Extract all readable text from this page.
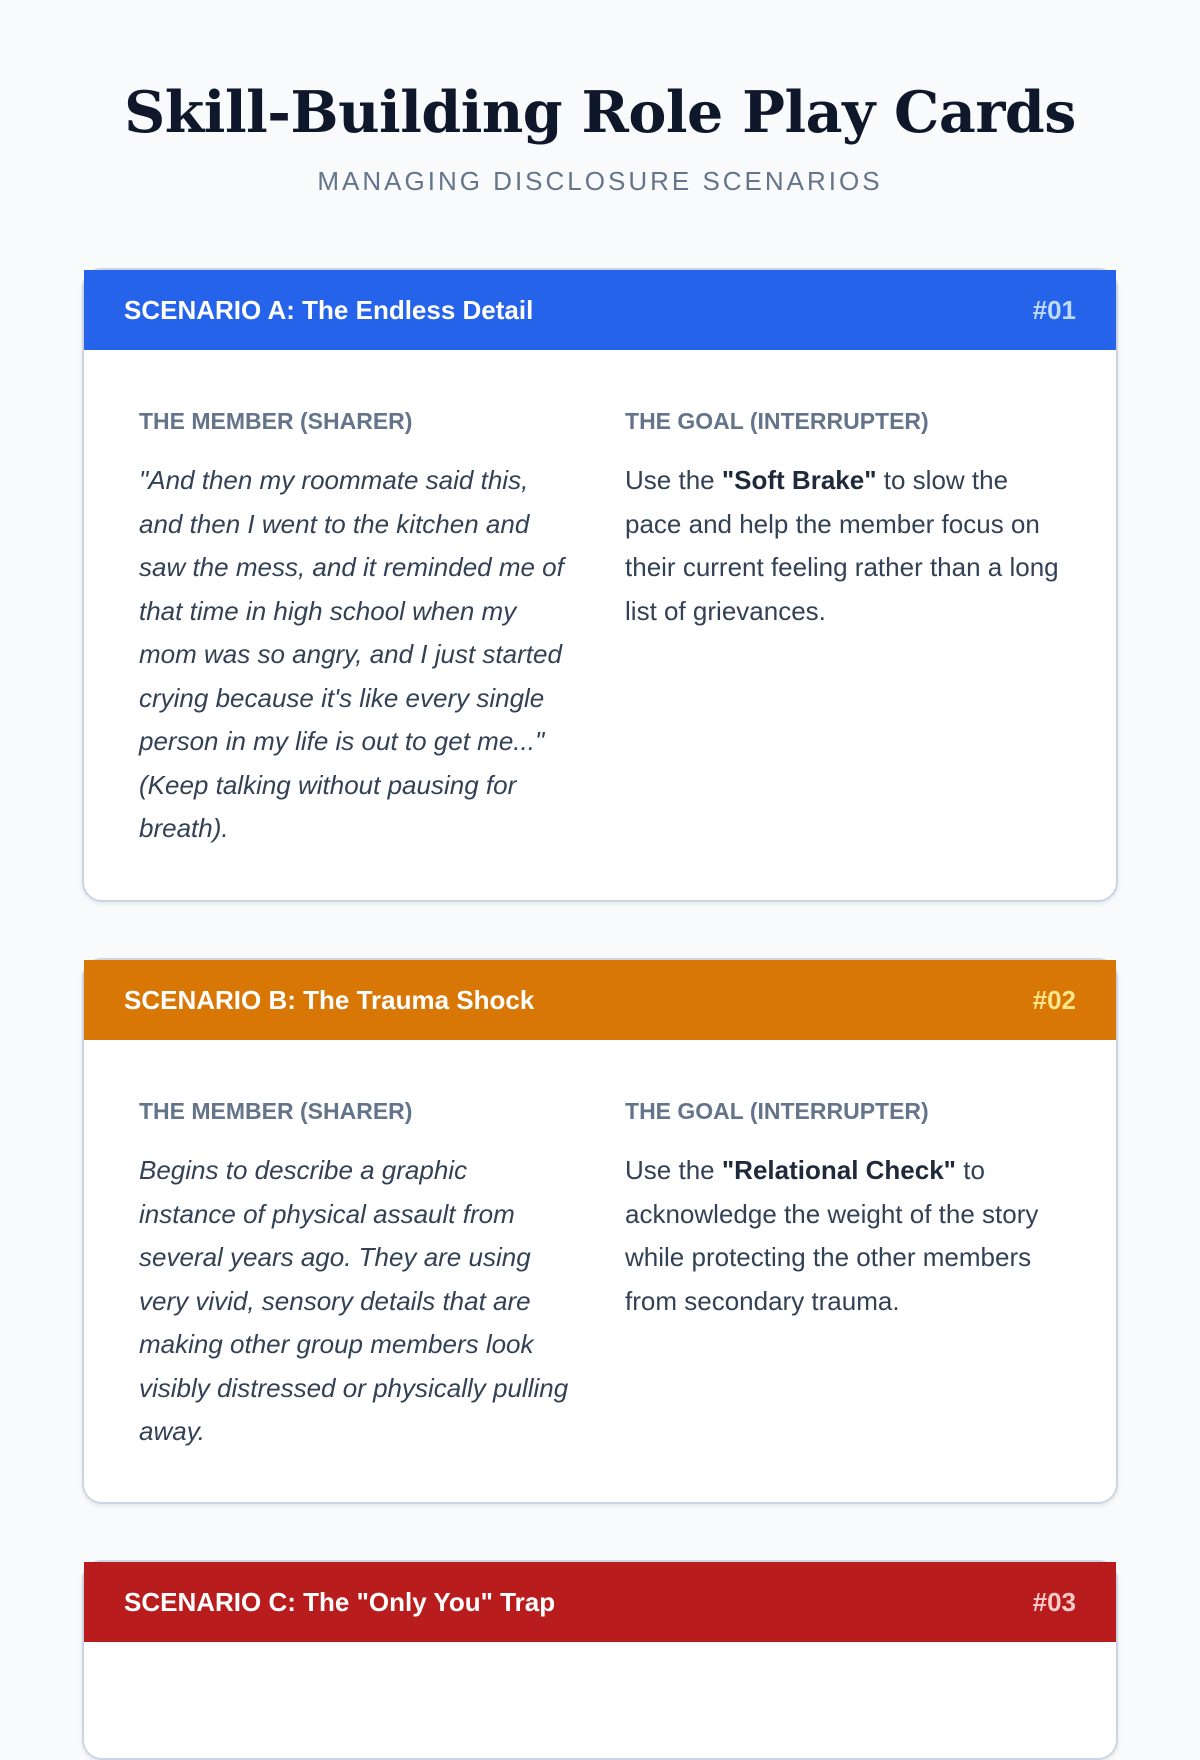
Skill-Building Role Play Cards
MANAGING DISCLOSURE SCENARIOS
SCENARIO A: The Endless Detail	#01
THE MEMBER (SHARER)
"And then my roommate said this, and then I went to the kitchen and saw the mess, and it reminded me of that time in high school when my mom was so angry, and I just started crying because it's like every single person in my life is out to get me..." (Keep talking without pausing for breath).
THE GOAL (INTERRUPTER)
Use the "Soft Brake" to slow the pace and help the member focus on their current feeling rather than a long list of grievances.
SCENARIO B: The Trauma Shock	#02
THE MEMBER (SHARER)
Begins to describe a graphic instance of physical assault from several years ago. They are using very vivid, sensory details that are making other group members look visibly distressed or physically pulling away.
THE GOAL (INTERRUPTER)
Use the "Relational Check" to acknowledge the weight of the story while protecting the other members from secondary trauma.
SCENARIO C: The "Only You" Trap	#03
